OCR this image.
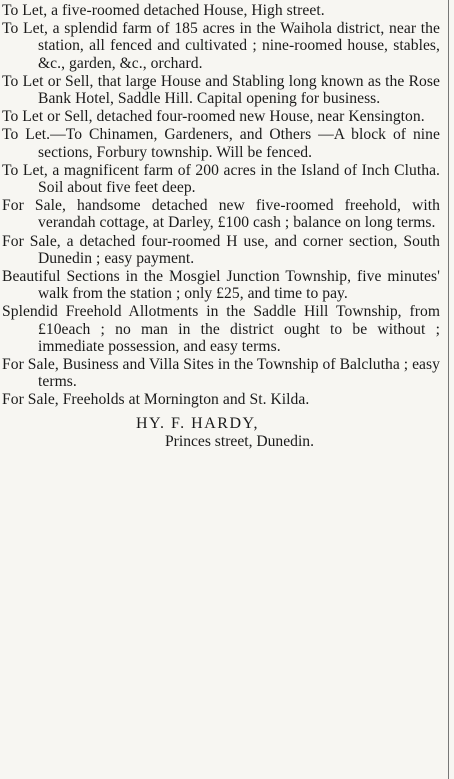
To Let, a five-roomed detached House, High street.

To Let, a splendid farm of 185 acres in the Waihola district, near the station, all fenced and cultivated ; nine-roomed house, stables, &c., garden, &c., orchard.

To Let or Sell, that large House and Stabling long known as the Rose Bank Hotel, Saddle Hill. Capital opening for business.

To Let or Sell, detached four-roomed new House, near Kensington.

To Let.—To Chinamen, Gardeners, and Others —A block of nine sections, Forbury township. Will be fenced.

To Let, a magnificent farm of 200 acres in the Island of Inch Clutha. Soil about five feet deep.

For Sale, handsome detached new five-roomed freehold, with verandah cottage, at Darley, £100 cash ; balance on long terms.

For Sale, a detached four-roomed H use, and corner section, South Dunedin ; easy payment.

Beautiful Sections in the Mosgiel Junction Township, five minutes' walk from the station ; only £25, and time to pay.

Splendid Freehold Allotments in the Saddle Hill Township, from £10each ; no man in the district ought to be without ; immediate possession, and easy terms.

For Sale, Business and Villa Sites in the Township of Balclutha ; easy terms.

For Sale, Freeholds at Mornington and St. Kilda.

HY. F. HARDY,
Princes street, Dunedin.
